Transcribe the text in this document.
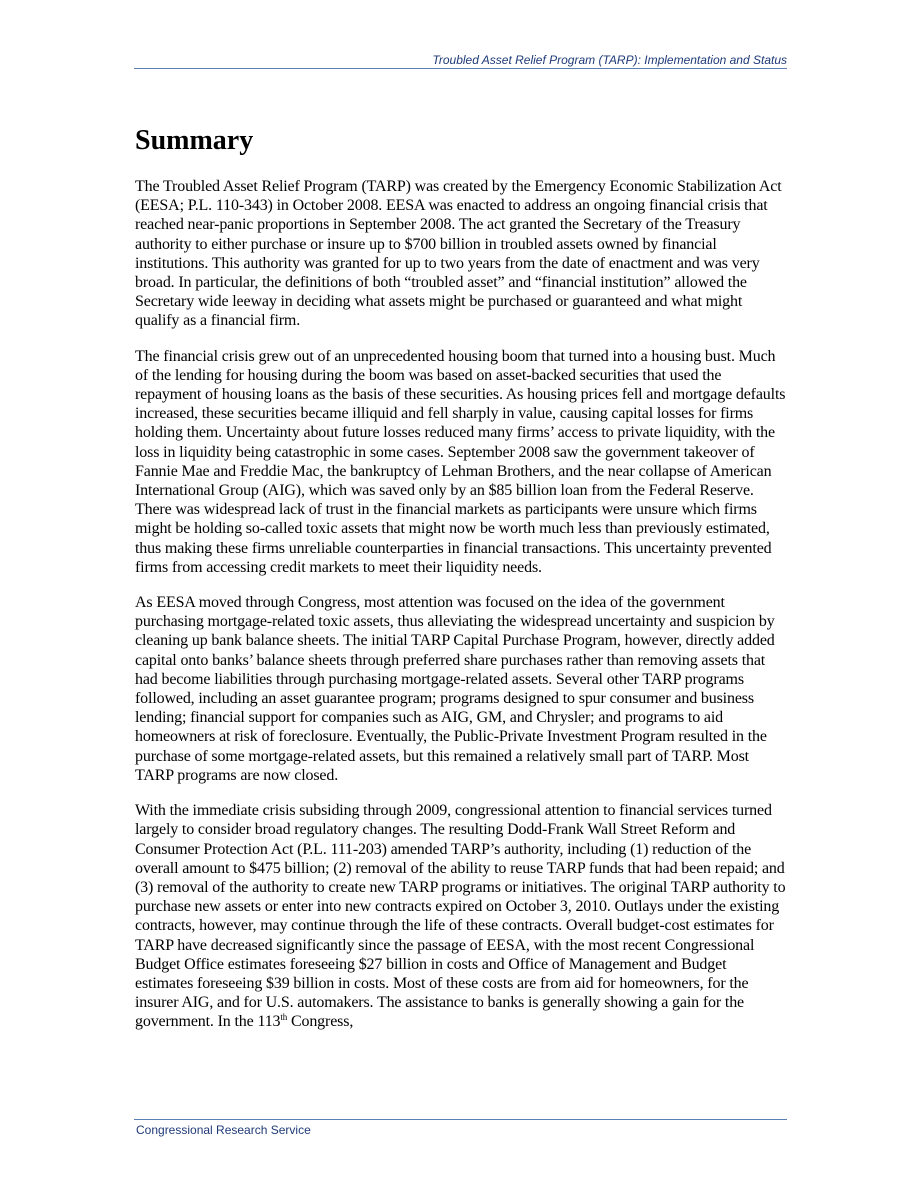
Troubled Asset Relief Program (TARP): Implementation and Status
Summary

The Troubled Asset Relief Program (TARP) was created by the Emergency Economic Stabilization Act (EESA; P.L. 110-343) in October 2008. EESA was enacted to address an ongoing financial crisis that reached near-panic proportions in September 2008. The act granted the Secretary of the Treasury authority to either purchase or insure up to $700 billion in troubled assets owned by financial institutions. This authority was granted for up to two years from the date of enactment and was very broad. In particular, the definitions of both “troubled asset” and “financial institution” allowed the Secretary wide leeway in deciding what assets might be purchased or guaranteed and what might qualify as a financial firm.

The financial crisis grew out of an unprecedented housing boom that turned into a housing bust. Much of the lending for housing during the boom was based on asset-backed securities that used the repayment of housing loans as the basis of these securities. As housing prices fell and mortgage defaults increased, these securities became illiquid and fell sharply in value, causing capital losses for firms holding them. Uncertainty about future losses reduced many firms’ access to private liquidity, with the loss in liquidity being catastrophic in some cases. September 2008 saw the government takeover of Fannie Mae and Freddie Mac, the bankruptcy of Lehman Brothers, and the near collapse of American International Group (AIG), which was saved only by an $85 billion loan from the Federal Reserve. There was widespread lack of trust in the financial markets as participants were unsure which firms might be holding so-called toxic assets that might now be worth much less than previously estimated, thus making these firms unreliable counterparties in financial transactions. This uncertainty prevented firms from accessing credit markets to meet their liquidity needs.

As EESA moved through Congress, most attention was focused on the idea of the government purchasing mortgage-related toxic assets, thus alleviating the widespread uncertainty and suspicion by cleaning up bank balance sheets. The initial TARP Capital Purchase Program, however, directly added capital onto banks’ balance sheets through preferred share purchases rather than removing assets that had become liabilities through purchasing mortgage-related assets. Several other TARP programs followed, including an asset guarantee program; programs designed to spur consumer and business lending; financial support for companies such as AIG, GM, and Chrysler; and programs to aid homeowners at risk of foreclosure. Eventually, the Public-Private Investment Program resulted in the purchase of some mortgage-related assets, but this remained a relatively small part of TARP. Most TARP programs are now closed.

With the immediate crisis subsiding through 2009, congressional attention to financial services turned largely to consider broad regulatory changes. The resulting Dodd-Frank Wall Street Reform and Consumer Protection Act (P.L. 111-203) amended TARP’s authority, including (1) reduction of the overall amount to $475 billion; (2) removal of the ability to reuse TARP funds that had been repaid; and (3) removal of the authority to create new TARP programs or initiatives. The original TARP authority to purchase new assets or enter into new contracts expired on October 3, 2010. Outlays under the existing contracts, however, may continue through the life of these contracts. Overall budget-cost estimates for TARP have decreased significantly since the passage of EESA, with the most recent Congressional Budget Office estimates foreseeing $27 billion in costs and Office of Management and Budget estimates foreseeing $39 billion in costs. Most of these costs are from aid for homeowners, for the insurer AIG, and for U.S. automakers. The assistance to banks is generally showing a gain for the government. In the 113th Congress,

Congressional Research Service
